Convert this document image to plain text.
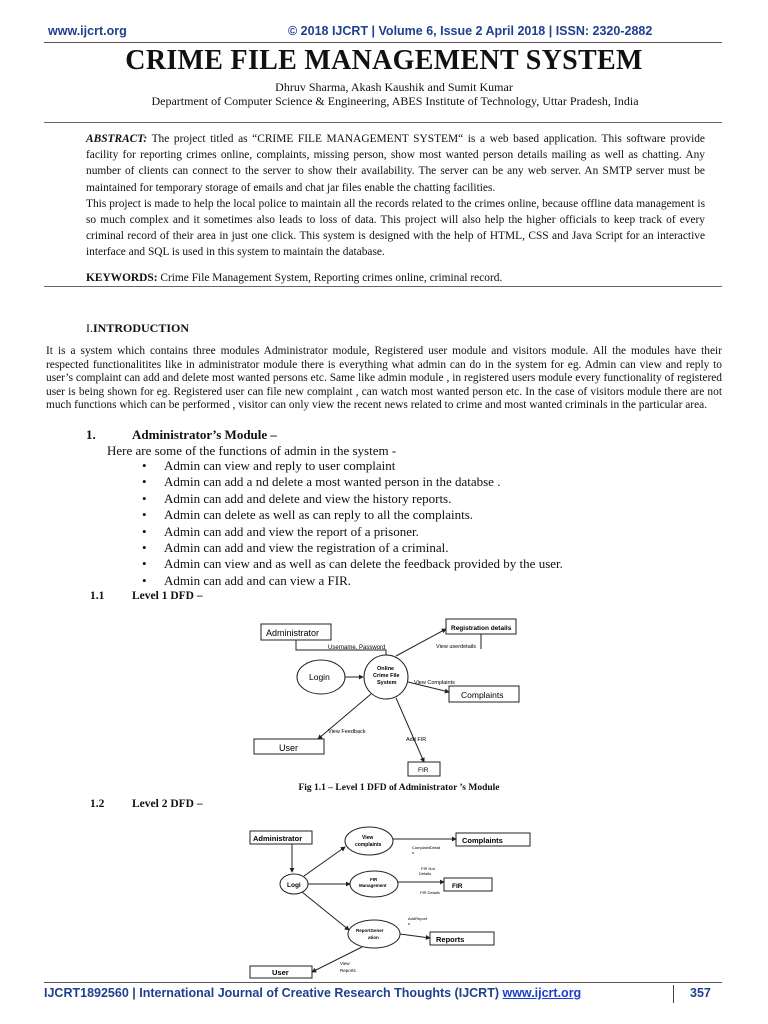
www.ijcrt.org	© 2018 IJCRT | Volume 6, Issue 2 April 2018 | ISSN: 2320-2882
CRIME FILE MANAGEMENT SYSTEM
Dhruv Sharma, Akash Kaushik and Sumit Kumar
Department of Computer Science & Engineering, ABES Institute of Technology, Uttar Pradesh, India
ABSTRACT: The project titled as “CRIME FILE MANAGEMENT SYSTEM“ is a web based application. This software provide facility for reporting crimes online, complaints, missing person, show most wanted person details mailing as well as chatting. Any number of clients can connect to the server to show their availability. The server can be any web server. An SMTP server must be maintained for temporary storage of emails and chat jar files enable the chatting facilities.
This project is made to help the local police to maintain all the records related to the crimes online, because offline data management is so much complex and it sometimes also leads to loss of data. This project will also help the higher officials to keep track of every criminal record of their area in just one click. This system is designed with the help of HTML, CSS and Java Script for an interactive interface and SQL is used in this system to maintain the database.
KEYWORDS: Crime File Management System, Reporting crimes online, criminal record.
I.INTRODUCTION
It is a system which contains three modules Administrator module, Registered user module and visitors module. All the modules have their respected functionalitites like in administrator module there is everything what admin can do in the system for eg. Admin can view and reply to user’s complaint can add and delete most wanted persons etc. Same like admin module , in registered users module every functionality of registered user is being shown for eg. Registered user can file new complaint , can watch most wanted person etc. In the case of visitors module there are not much functions which can be performed , visitor can only view the recent news related to crime and most wanted criminals in the particular area.
1.	Administrator’s Module –
Here are some of the functions of admin in the system -
• Admin can view and reply to user complaint
• Admin can add a nd delete a most wanted person in the databse .
• Admin can add and delete and view the history reports.
• Admin can delete as well as can reply to all the complaints.
• Admin can add and view the report of a prisoner.
• Admin can add and view the registration of a criminal.
• Admin can view and as well as can delete the feedback provided by the user.
• Admin can add and can view a FIR.
1.1 Level 1 DFD –
Administrator
Username, Password
Login
Online
Crime File
System
Registration details
View userdetails
Complaints
View Complaints
View Feedback
User
Add FIR
FIR
Fig 1.1 – Level 1 DFD of Administrator ’s Module
1.2 Level 2 DFD –
Administrator
Logi
View
complaints	Complaints
ComplaintDetail
s
FIR
Management	FIR
FIR Not
Details
FIR Details
ReportGener
ation	Reports
AddReport
s
User
View
Reports
IJCRT1892560 | International Journal of Creative Research Thoughts (IJCRT) www.ijcrt.org	357
